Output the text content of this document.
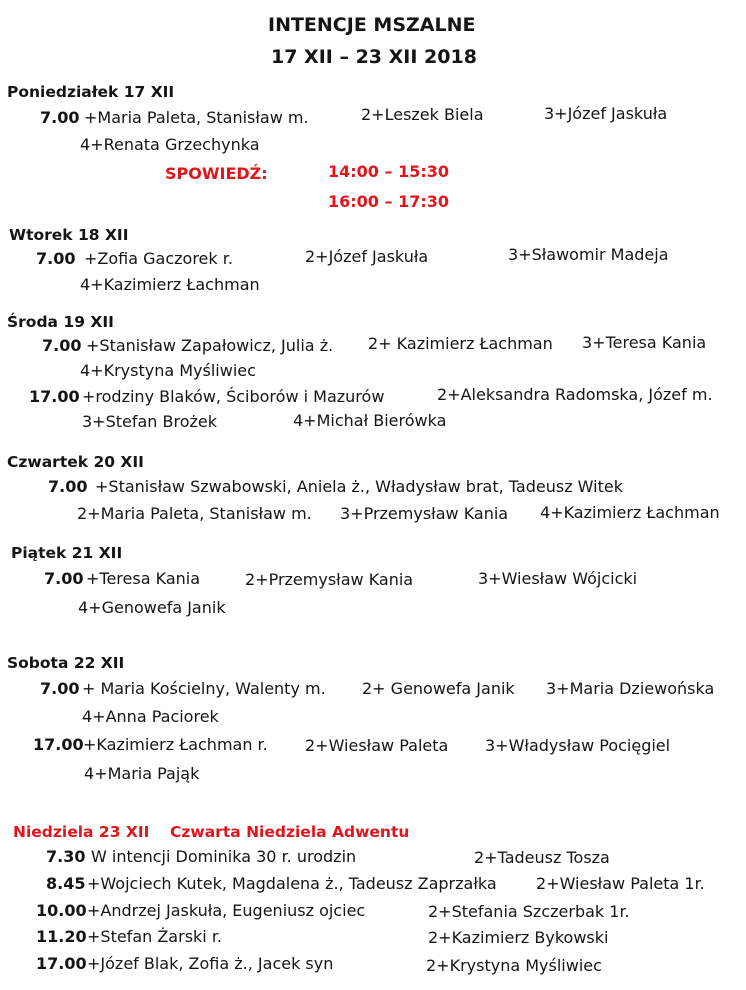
INTENCJE MSZALNE
17 XII – 23 XII 2018
Poniedziałek 17 XII
7.00 +Maria Paleta, Stanisław m.	2+Leszek Biela	3+Józef Jaskuła
4+Renata Grzechynka
SPOWIEDŹ:	14:00 – 15:30
16:00 – 17:30
Wtorek 18 XII
7.00 +Zofia Gaczorek r.	2+Józef Jaskuła	3+Sławomir Madeja
4+Kazimierz Łachman
Środa 19 XII
7.00 +Stanisław Zapałowicz, Julia ż. 2+ Kazimierz Łachman 3+Teresa Kania
4+Krystyna Myśliwiec
17.00 +rodziny Blaków, Ściborów i Mazurów	2+Aleksandra Radomska, Józef m.
3+Stefan Brożek	4+Michał Bierówka
Czwartek 20 XII
7.00 +Stanisław Szwabowski, Aniela ż., Władysław brat, Tadeusz Witek
2+Maria Paleta, Stanisław m. 3+Przemysław Kania 4+Kazimierz Łachman
Piątek 21 XII
7.00 +Teresa Kania	2+Przemysław Kania	3+Wiesław Wójcicki
4+Genowefa Janik
Sobota 22 XII
7.00 + Maria Kościelny, Walenty m. 2+ Genowefa Janik 3+Maria Dziewońska
4+Anna Paciorek
17.00 +Kazimierz Łachman r. 2+Wiesław Paleta 3+Władysław Pocięgiel
4+Maria Pająk
Niedziela 23 XII Czwarta Niedziela Adwentu
7.30 W intencji Dominika 30 r. urodzin	2+Tadeusz Tosza
8.45 +Wojciech Kutek, Magdalena ż., Tadeusz Zaprzałka 2+Wiesław Paleta 1r.
10.00 +Andrzej Jaskuła, Eugeniusz ojciec	2+Stefania Szczerbak 1r.
11.20 +Stefan Żarski r.	2+Kazimierz Bykowski
17.00 +Józef Blak, Zofia ż., Jacek syn	2+Krystyna Myśliwiec
